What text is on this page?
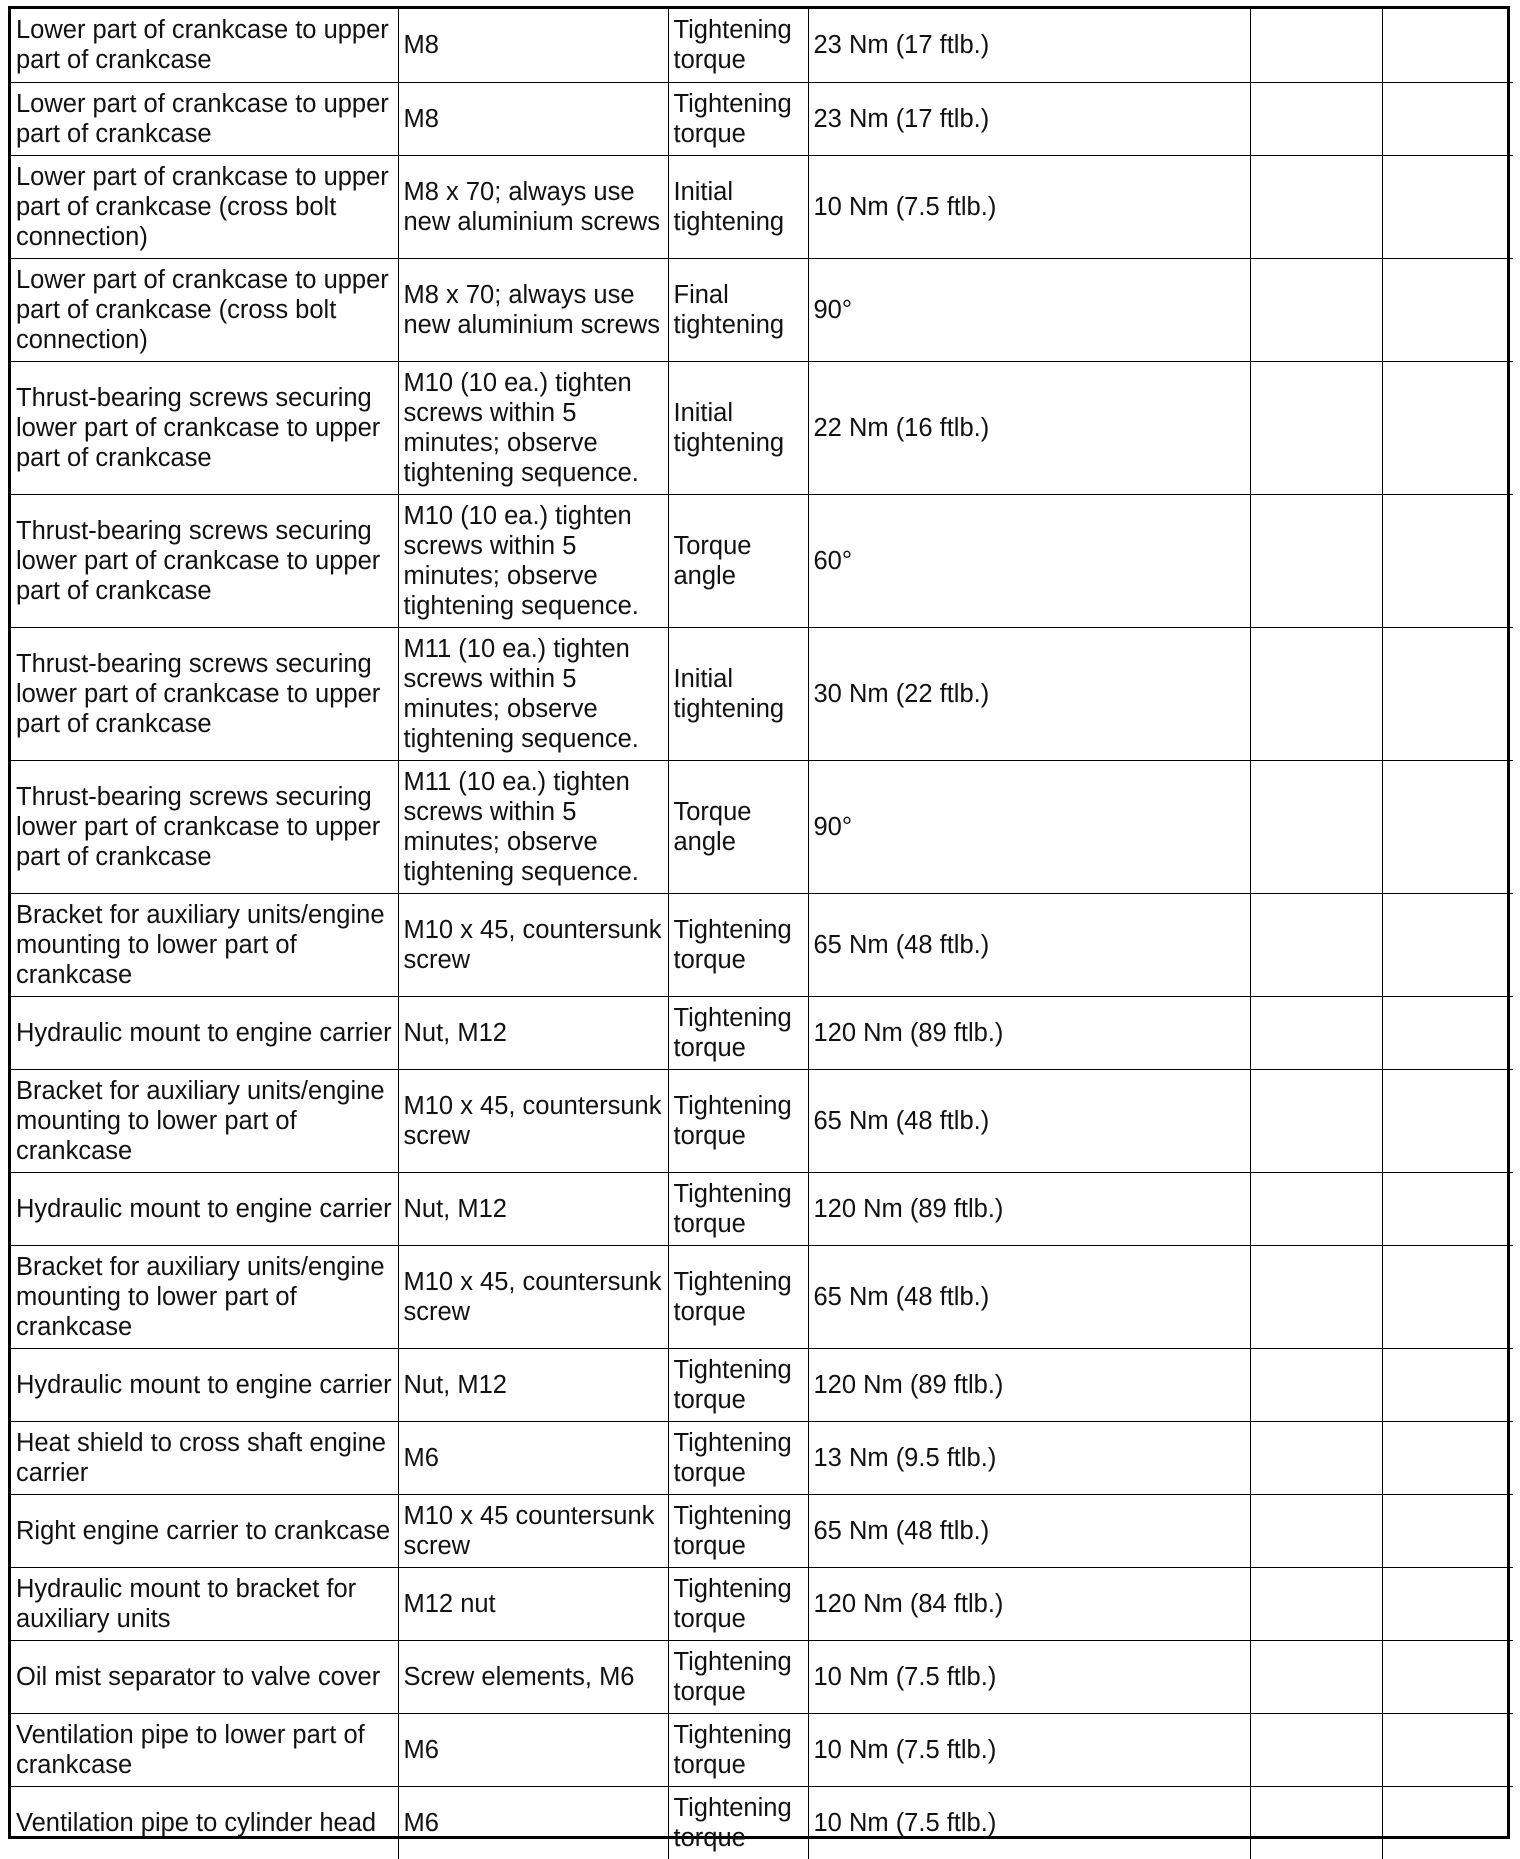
Lower part of crankcase to upper part of crankcase	M8	Tightening torque	23 Nm (17 ftlb.)		
Lower part of crankcase to upper part of crankcase	M8	Tightening torque	23 Nm (17 ftlb.)		
Lower part of crankcase to upper part of crankcase (cross bolt connection)	M8 x 70; always use new aluminium screws	Initial tightening	10 Nm (7.5 ftlb.)		
Lower part of crankcase to upper part of crankcase (cross bolt connection)	M8 x 70; always use new aluminium screws	Final tightening	90°		
Thrust-bearing screws securing lower part of crankcase to upper part of crankcase	M10 (10 ea.) tighten screws within 5 minutes; observe tightening sequence.	Initial tightening	22 Nm (16 ftlb.)		
Thrust-bearing screws securing lower part of crankcase to upper part of crankcase	M10 (10 ea.) tighten screws within 5 minutes; observe tightening sequence.	Torque angle	60°		
Thrust-bearing screws securing lower part of crankcase to upper part of crankcase	M11 (10 ea.) tighten screws within 5 minutes; observe tightening sequence.	Initial tightening	30 Nm (22 ftlb.)		
Thrust-bearing screws securing lower part of crankcase to upper part of crankcase	M11 (10 ea.) tighten screws within 5 minutes; observe tightening sequence.	Torque angle	90°		
Bracket for auxiliary units/engine mounting to lower part of crankcase	M10 x 45, countersunk screw	Tightening torque	65 Nm (48 ftlb.)		
Hydraulic mount to engine carrier	Nut, M12	Tightening torque	120 Nm (89 ftlb.)		
Bracket for auxiliary units/engine mounting to lower part of crankcase	M10 x 45, countersunk screw	Tightening torque	65 Nm (48 ftlb.)		
Hydraulic mount to engine carrier	Nut, M12	Tightening torque	120 Nm (89 ftlb.)		
Bracket for auxiliary units/engine mounting to lower part of crankcase	M10 x 45, countersunk screw	Tightening torque	65 Nm (48 ftlb.)		
Hydraulic mount to engine carrier	Nut, M12	Tightening torque	120 Nm (89 ftlb.)		
Heat shield to cross shaft engine carrier	M6	Tightening torque	13 Nm (9.5 ftlb.)		
Right engine carrier to crankcase	M10 x 45 countersunk screw	Tightening torque	65 Nm (48 ftlb.)		
Hydraulic mount to bracket for auxiliary units	M12 nut	Tightening torque	120 Nm (84 ftlb.)		
Oil mist separator to valve cover	Screw elements, M6	Tightening torque	10 Nm (7.5 ftlb.)		
Ventilation pipe to lower part of crankcase	M6	Tightening torque	10 Nm (7.5 ftlb.)		
Ventilation pipe to cylinder head	M6	Tightening torque	10 Nm (7.5 ftlb.)		
